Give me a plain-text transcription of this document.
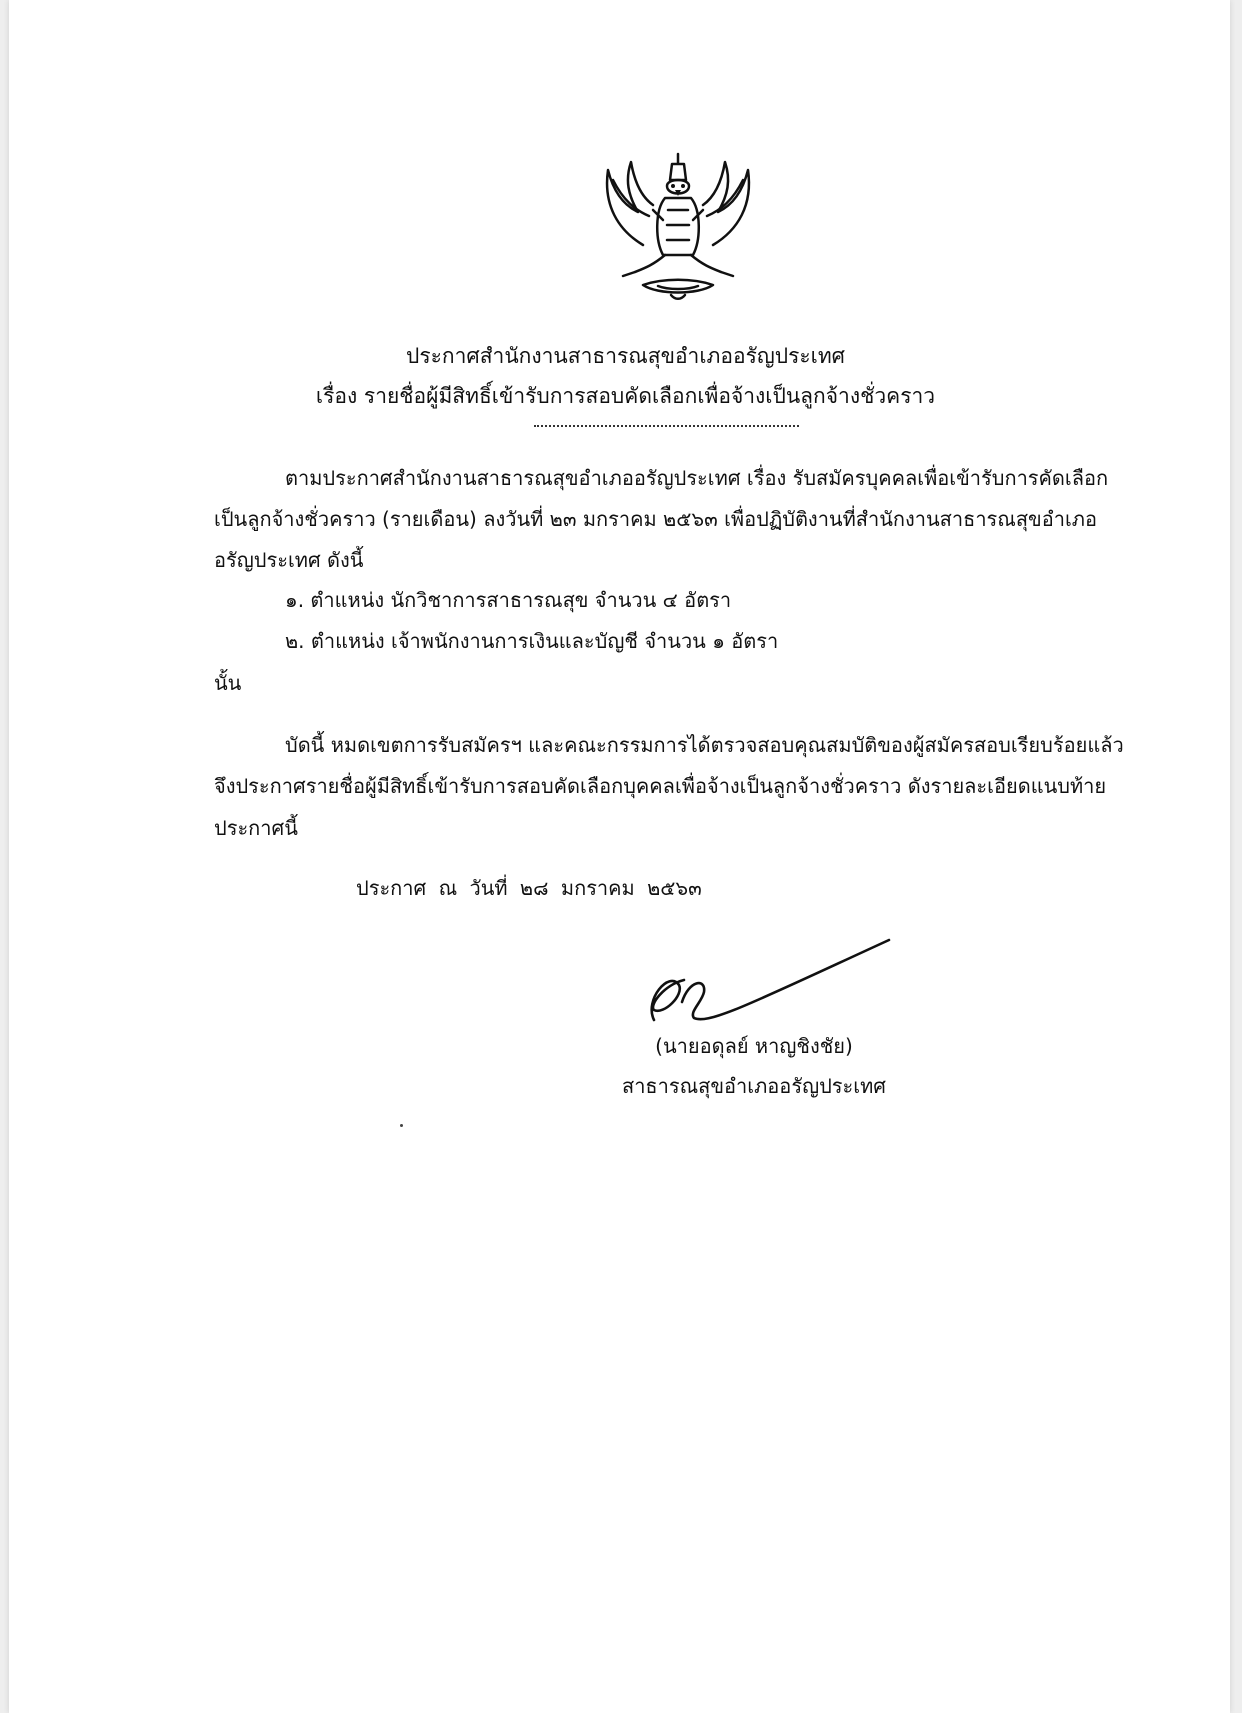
ประกาศสำนักงานสาธารณสุขอำเภออรัญประเทศ
เรื่อง รายชื่อผู้มีสิทธิ์เข้ารับการสอบคัดเลือกเพื่อจ้างเป็นลูกจ้างชั่วคราว
ตามประกาศสำนักงานสาธารณสุขอำเภออรัญประเทศ เรื่อง รับสมัครบุคคลเพื่อเข้ารับการคัดเลือก
เป็นลูกจ้างชั่วคราว (รายเดือน) ลงวันที่ ๒๓ มกราคม ๒๕๖๓ เพื่อปฏิบัติงานที่สำนักงานสาธารณสุขอำเภอ
อรัญประเทศ ดังนี้
๑. ตำแหน่ง นักวิชาการสาธารณสุข จำนวน ๔ อัตรา
๒. ตำแหน่ง เจ้าพนักงานการเงินและบัญชี จำนวน ๑ อัตรา
นั้น
บัดนี้ หมดเขตการรับสมัครฯ และคณะกรรมการได้ตรวจสอบคุณสมบัติของผู้สมัครสอบเรียบร้อยแล้ว
จึงประกาศรายชื่อผู้มีสิทธิ์เข้ารับการสอบคัดเลือกบุคคลเพื่อจ้างเป็นลูกจ้างชั่วคราว ดังรายละเอียดแนบท้าย
ประกาศนี้
ประกาศ ณ วันที่ ๒๘ มกราคม ๒๕๖๓
(นายอดุลย์ หาญชิงชัย)
สาธารณสุขอำเภออรัญประเทศ
